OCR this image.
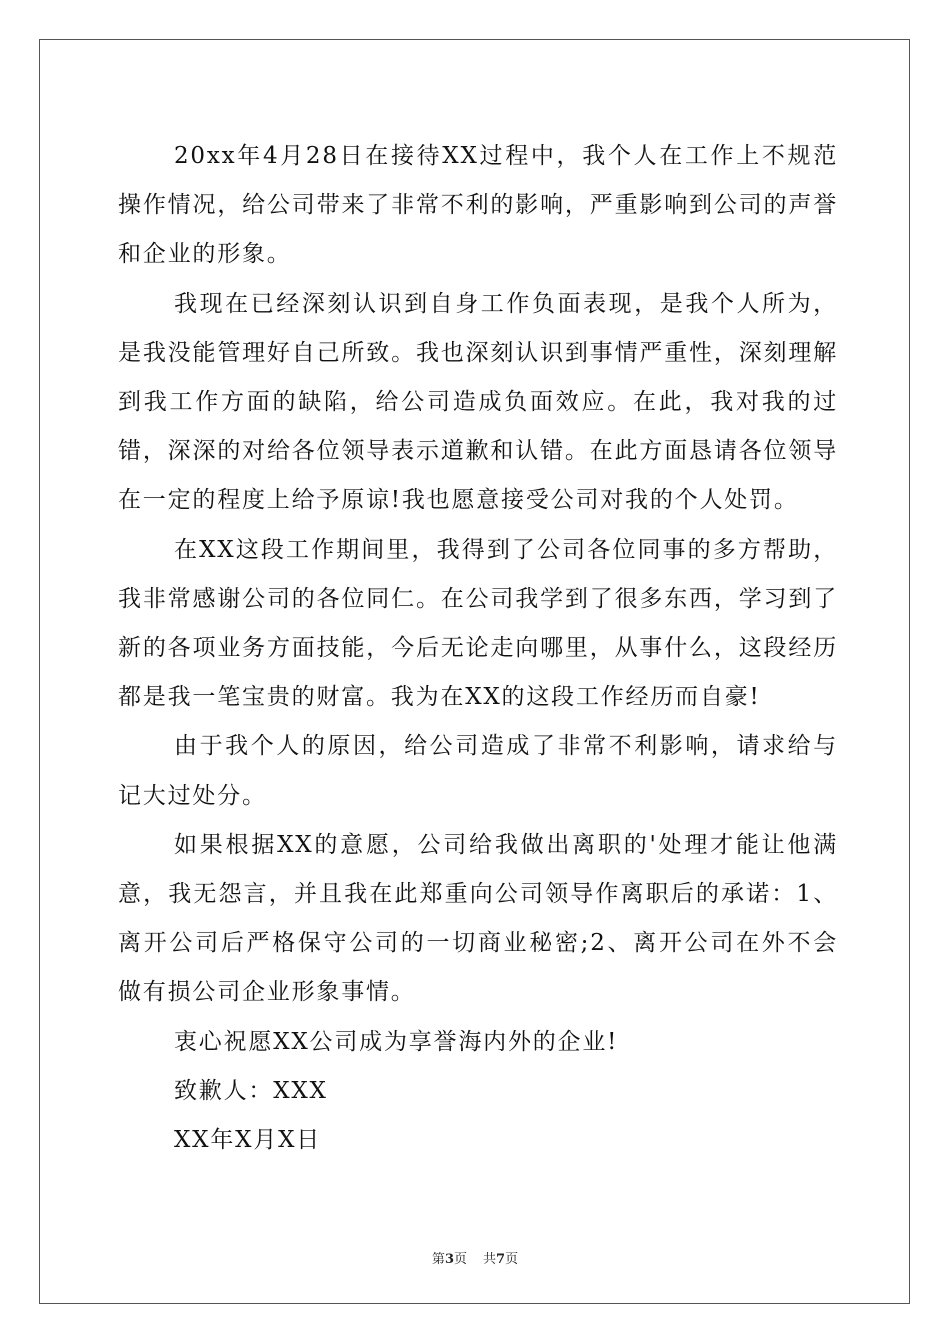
20xx年4月28日在接待XX过程中，我个人在工作上不规范操作情况，给公司带来了非常不利的影响，严重影响到公司的声誉和企业的形象。

我现在已经深刻认识到自身工作负面表现，是我个人所为，是我没能管理好自己所致。我也深刻认识到事情严重性，深刻理解到我工作方面的缺陷，给公司造成负面效应。在此，我对我的过错，深深的对给各位领导表示道歉和认错。在此方面恳请各位领导在一定的程度上给予原谅!我也愿意接受公司对我的个人处罚。

在XX这段工作期间里，我得到了公司各位同事的多方帮助，我非常感谢公司的各位同仁。在公司我学到了很多东西，学习到了新的各项业务方面技能，今后无论走向哪里，从事什么，这段经历都是我一笔宝贵的财富。我为在XX的这段工作经历而自豪!

由于我个人的原因，给公司造成了非常不利影响，请求给与记大过处分。

如果根据XX的意愿，公司给我做出离职的'处理才能让他满意，我无怨言，并且我在此郑重向公司领导作离职后的承诺：1、离开公司后严格保守公司的一切商业秘密;2、离开公司在外不会做有损公司企业形象事情。

衷心祝愿XX公司成为享誉海内外的企业!

致歉人：XXX

XX年X月X日

第3页 共7页
